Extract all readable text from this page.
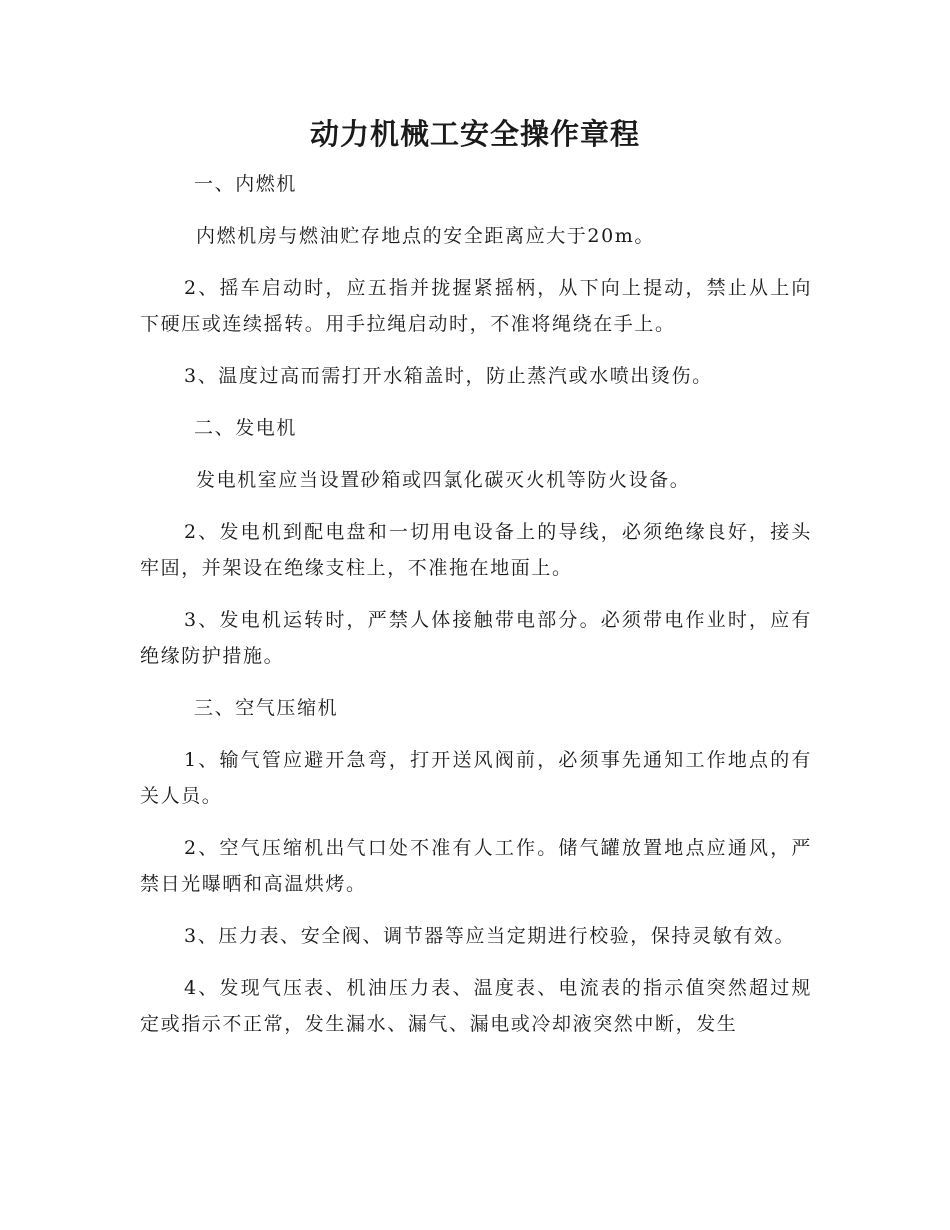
动力机械工安全操作章程

一、内燃机

内燃机房与燃油贮存地点的安全距离应大于20m。

2、摇车启动时，应五指并拢握紧摇柄，从下向上提动，禁止从上向下硬压或连续摇转。用手拉绳启动时，不准将绳绕在手上。

3、温度过高而需打开水箱盖时，防止蒸汽或水喷出烫伤。

二、发电机

发电机室应当设置砂箱或四氯化碳灭火机等防火设备。

2、发电机到配电盘和一切用电设备上的导线，必须绝缘良好，接头牢固，并架设在绝缘支柱上，不准拖在地面上。

3、发电机运转时，严禁人体接触带电部分。必须带电作业时，应有绝缘防护措施。

三、空气压缩机

1、输气管应避开急弯，打开送风阀前，必须事先通知工作地点的有关人员。

2、空气压缩机出气口处不准有人工作。储气罐放置地点应通风，严禁日光曝晒和高温烘烤。

3、压力表、安全阀、调节器等应当定期进行校验，保持灵敏有效。

4、发现气压表、机油压力表、温度表、电流表的指示值突然超过规定或指示不正常，发生漏水、漏气、漏电或冷却液突然中断，发生
